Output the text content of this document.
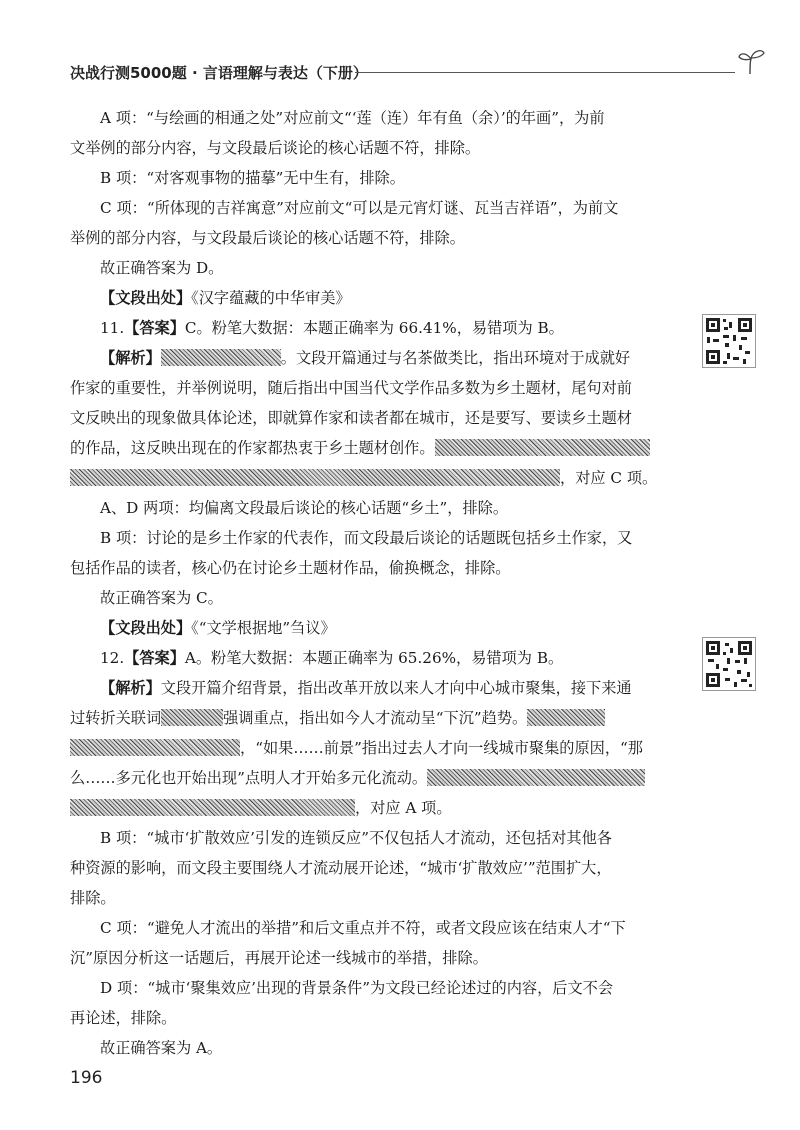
决战行测5000题 · 言语理解与表达（下册）
A 项：“与绘画的相通之处”对应前文“‘莲（连）年有鱼（余）’的年画”，为前
文举例的部分内容，与文段最后谈论的核心话题不符，排除。
B 项：“对客观事物的描摹”无中生有，排除。
C 项：“所体现的吉祥寓意”对应前文“可以是元宵灯谜、瓦当吉祥语”，为前文
举例的部分内容，与文段最后谈论的核心话题不符，排除。
故正确答案为 D。
【文段出处】《汉字蕴藏的中华审美》
11.【答案】C。粉笔大数据：本题正确率为 66.41%，易错项为 B。
【解析】	。文段开篇通过与名茶做类比，指出环境对于成就好
作家的重要性，并举例说明，随后指出中国当代文学作品多数为乡土题材，尾句对前
文反映出的现象做具体论述，即就算作家和读者都在城市，还是要写、要读乡土题材
的作品，这反映出现在的作家都热衷于乡土题材创作。
，对应 C 项。
A、D 两项：均偏离文段最后谈论的核心话题“乡土”，排除。
B 项：讨论的是乡土作家的代表作，而文段最后谈论的话题既包括乡土作家，又
包括作品的读者，核心仍在讨论乡土题材作品，偷换概念，排除。
故正确答案为 C。
【文段出处】《“文学根据地”刍议》
12.【答案】A。粉笔大数据：本题正确率为 65.26%，易错项为 B。
【解析】文段开篇介绍背景，指出改革开放以来人才向中心城市聚集，接下来通
过转折关联词	强调重点，指出如今人才流动呈“下沉”趋势。
，“如果……前景”指出过去人才向一线城市聚集的原因，“那
么……多元化也开始出现”点明人才开始多元化流动。
，对应 A 项。
B 项：“城市‘扩散效应’引发的连锁反应”不仅包括人才流动，还包括对其他各
种资源的影响，而文段主要围绕人才流动展开论述，“城市‘扩散效应’”范围扩大，
排除。
C 项：“避免人才流出的举措”和后文重点并不符，或者文段应该在结束人才“下
沉”原因分析这一话题后，再展开论述一线城市的举措，排除。
D 项：“城市‘聚集效应’出现的背景条件”为文段已经论述过的内容，后文不会
再论述，排除。
故正确答案为 A。
196
